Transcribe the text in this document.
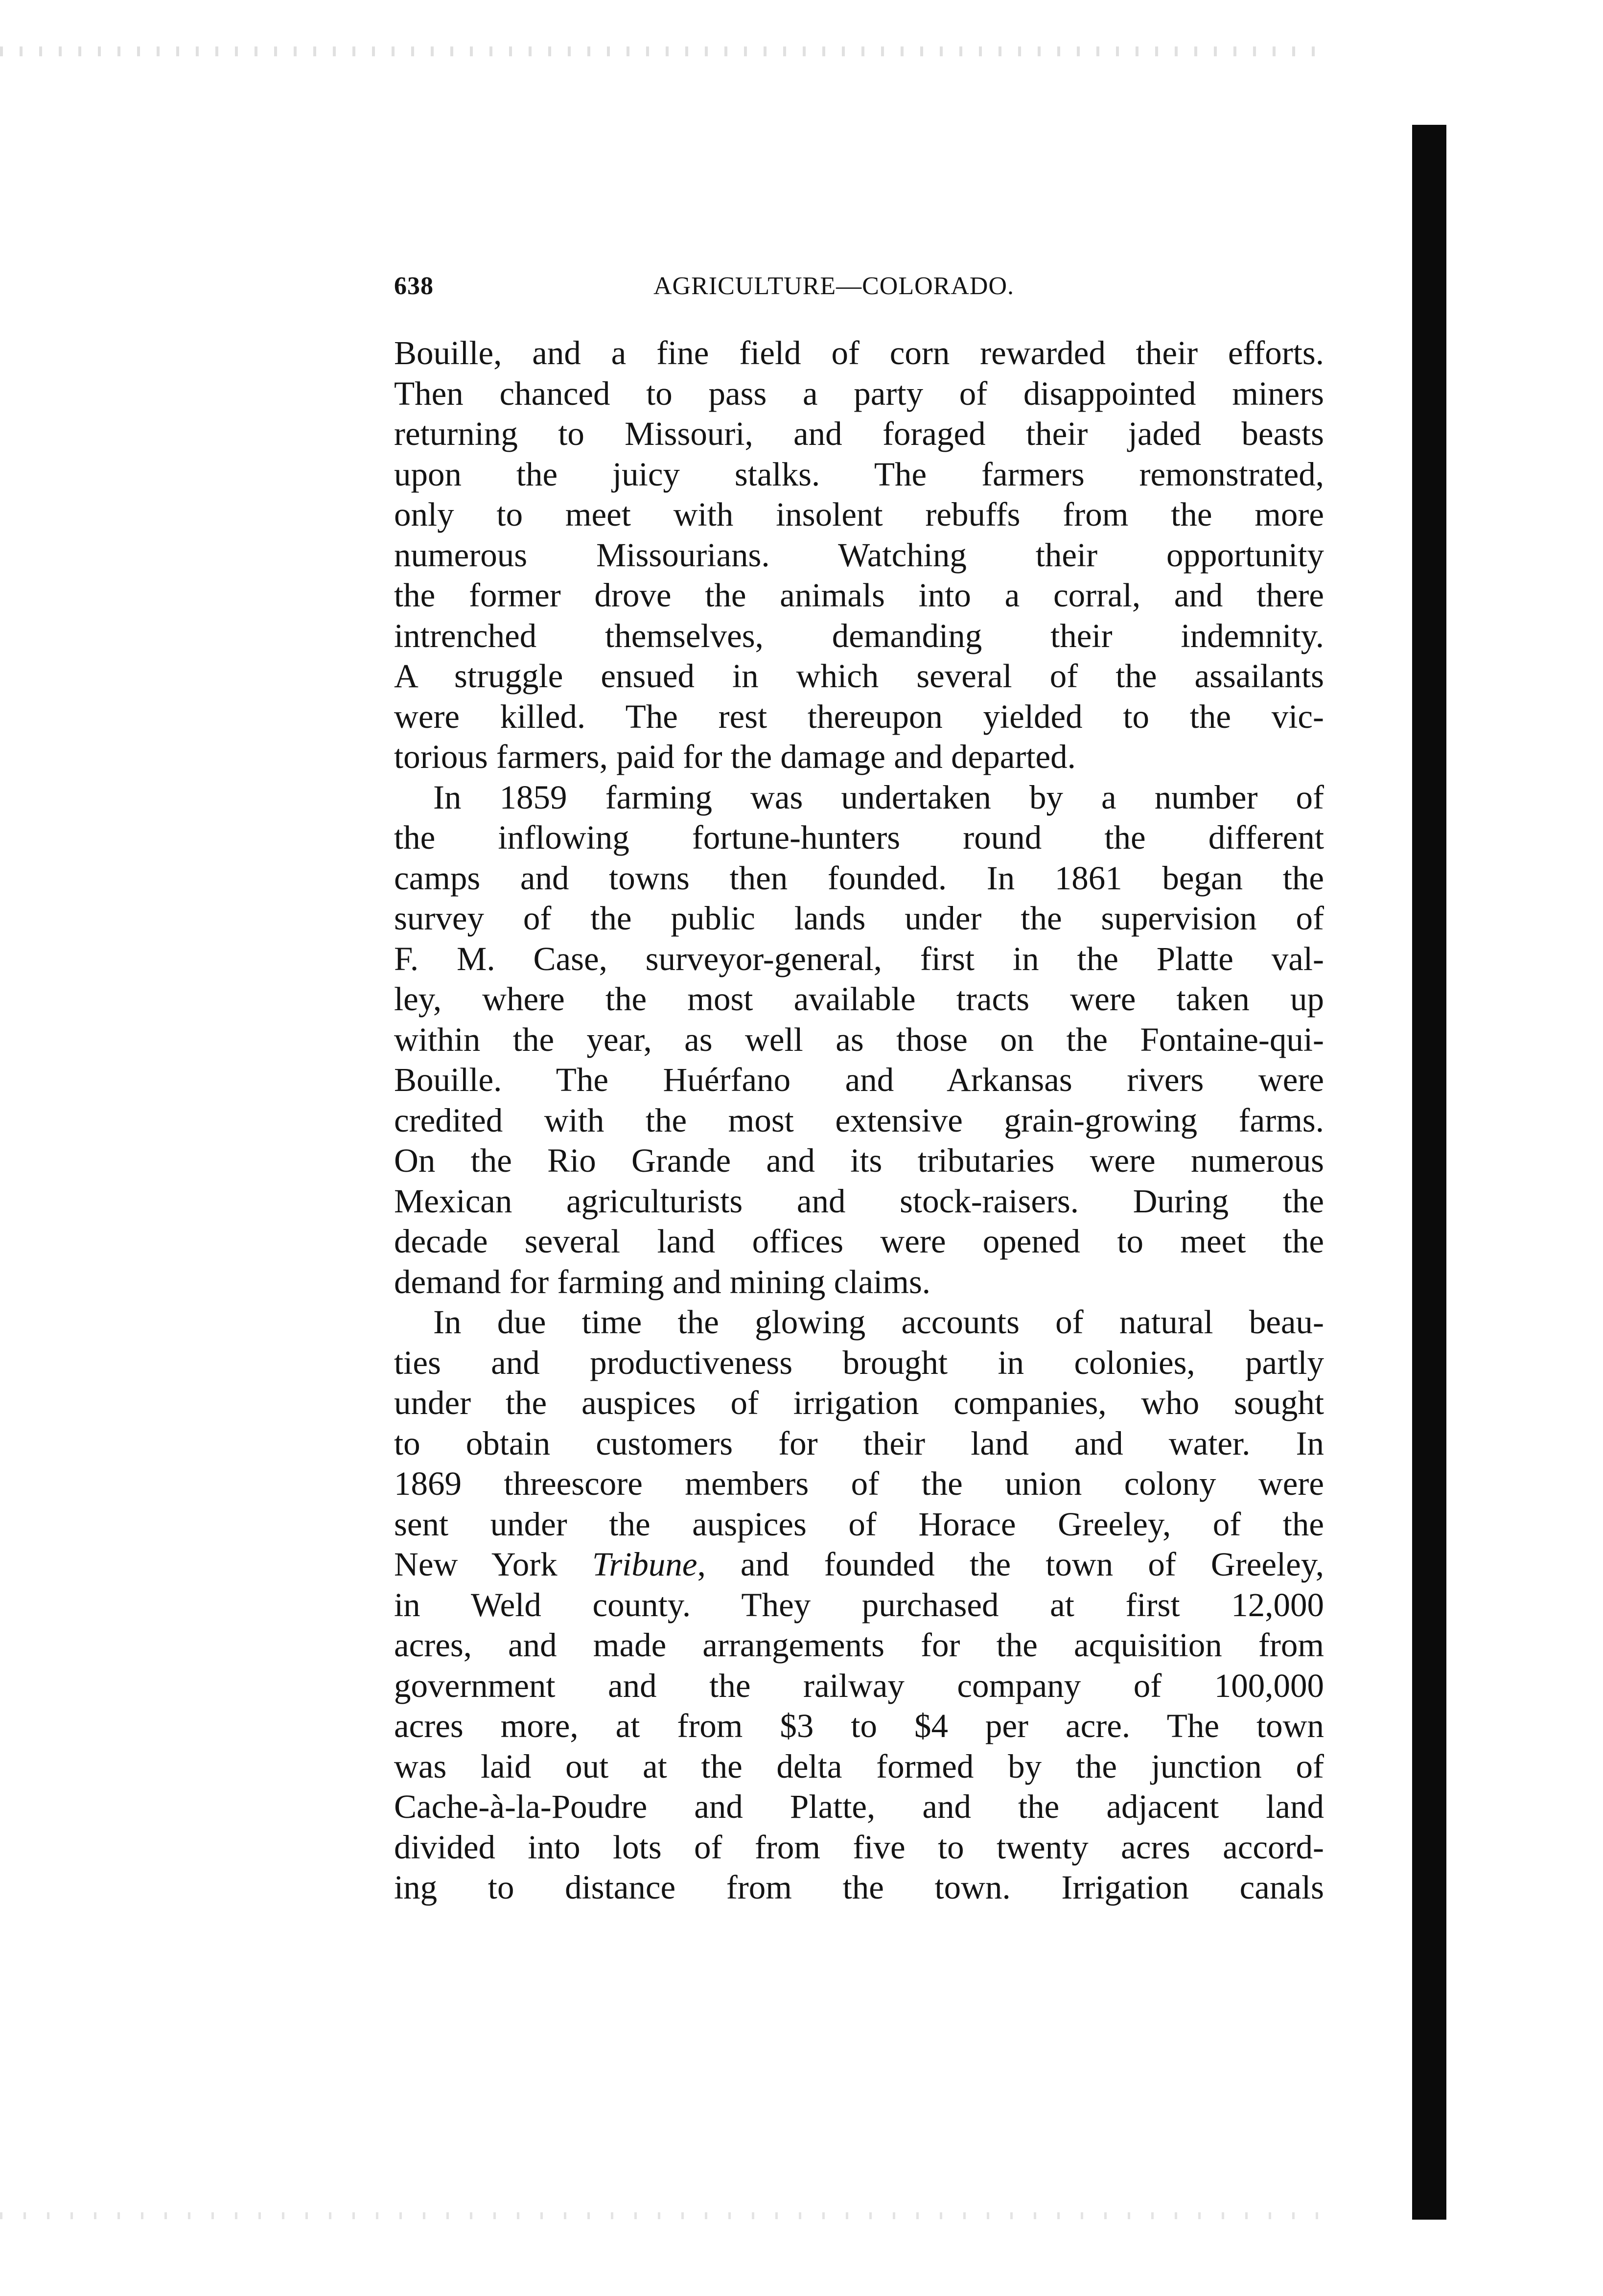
638	AGRICULTURE—COLORADO.
Bouille, and a fine field of corn rewarded their efforts.
Then chanced to pass a party of disappointed miners
returning to Missouri, and foraged their jaded beasts
upon the juicy stalks. The farmers remonstrated,
only to meet with insolent rebuffs from the more
numerous Missourians. Watching their opportunity
the former drove the animals into a corral, and there
intrenched themselves, demanding their indemnity.
A struggle ensued in which several of the assailants
were killed. The rest thereupon yielded to the vic-
torious farmers, paid for the damage and departed.
In 1859 farming was undertaken by a number of
the inflowing fortune-hunters round the different
camps and towns then founded. In 1861 began the
survey of the public lands under the supervision of
F. M. Case, surveyor-general, first in the Platte val-
ley, where the most available tracts were taken up
within the year, as well as those on the Fontaine-qui-
Bouille. The Huérfano and Arkansas rivers were
credited with the most extensive grain-growing farms.
On the Rio Grande and its tributaries were numerous
Mexican agriculturists and stock-raisers. During the
decade several land offices were opened to meet the
demand for farming and mining claims.
In due time the glowing accounts of natural beau-
ties and productiveness brought in colonies, partly
under the auspices of irrigation companies, who sought
to obtain customers for their land and water. In
1869 threescore members of the union colony were
sent under the auspices of Horace Greeley, of the
New York Tribune, and founded the town of Greeley,
in Weld county. They purchased at first 12,000
acres, and made arrangements for the acquisition from
government and the railway company of 100,000
acres more, at from $3 to $4 per acre. The town
was laid out at the delta formed by the junction of
Cache-à-la-Poudre and Platte, and the adjacent land
divided into lots of from five to twenty acres accord-
ing to distance from the town. Irrigation canals
